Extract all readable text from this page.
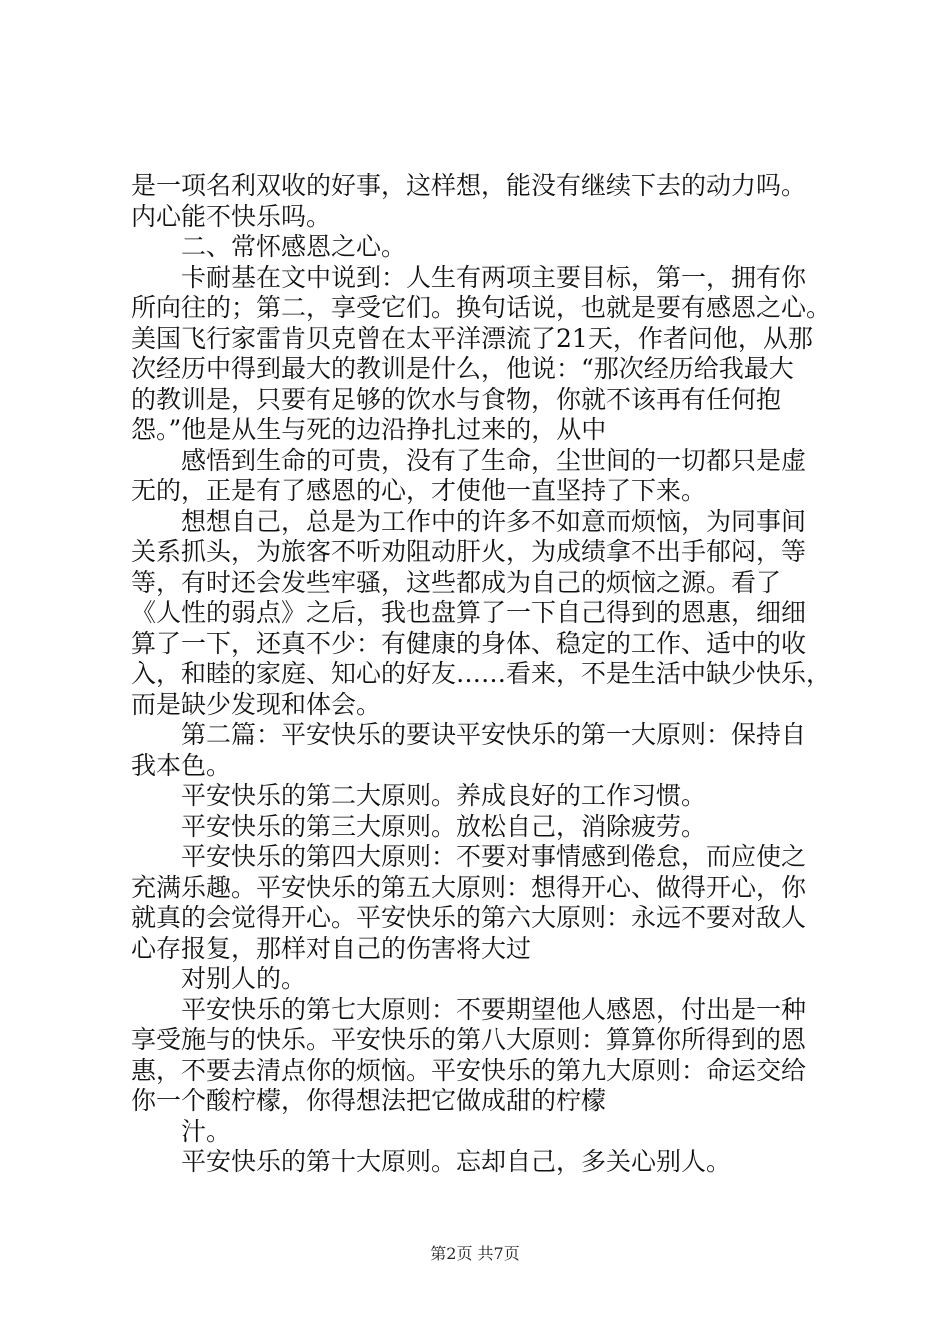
是一项名利双收的好事，这样想，能没有继续下去的动力吗。
内心能不快乐吗。
二、常怀感恩之心。
卡耐基在文中说到：人生有两项主要目标，第一，拥有你
所向往的；第二，享受它们。换句话说，也就是要有感恩之心。
美国飞行家雷肯贝克曾在太平洋漂流了21天，作者问他，从那
次经历中得到最大的教训是什么，他说：“那次经历给我最大
的教训是，只要有足够的饮水与食物，你就不该再有任何抱
怨。”他是从生与死的边沿挣扎过来的，从中
感悟到生命的可贵，没有了生命，尘世间的一切都只是虚
无的，正是有了感恩的心，才使他一直坚持了下来。
想想自己，总是为工作中的许多不如意而烦恼，为同事间
关系抓头，为旅客不听劝阻动肝火，为成绩拿不出手郁闷，等
等，有时还会发些牢骚，这些都成为自己的烦恼之源。看了
《人性的弱点》之后，我也盘算了一下自己得到的恩惠，细细
算了一下，还真不少：有健康的身体、稳定的工作、适中的收
入，和睦的家庭、知心的好友……看来，不是生活中缺少快乐，
而是缺少发现和体会。
第二篇：平安快乐的要诀平安快乐的第一大原则：保持自
我本色。
平安快乐的第二大原则。养成良好的工作习惯。
平安快乐的第三大原则。放松自己，消除疲劳。
平安快乐的第四大原则：不要对事情感到倦怠，而应使之
充满乐趣。平安快乐的第五大原则：想得开心、做得开心，你
就真的会觉得开心。平安快乐的第六大原则：永远不要对敌人
心存报复，那样对自己的伤害将大过
对别人的。
平安快乐的第七大原则：不要期望他人感恩，付出是一种
享受施与的快乐。平安快乐的第八大原则：算算你所得到的恩
惠，不要去清点你的烦恼。平安快乐的第九大原则：命运交给
你一个酸柠檬，你得想法把它做成甜的柠檬
汁。
平安快乐的第十大原则。忘却自己，多关心别人。
第2页 共7页
